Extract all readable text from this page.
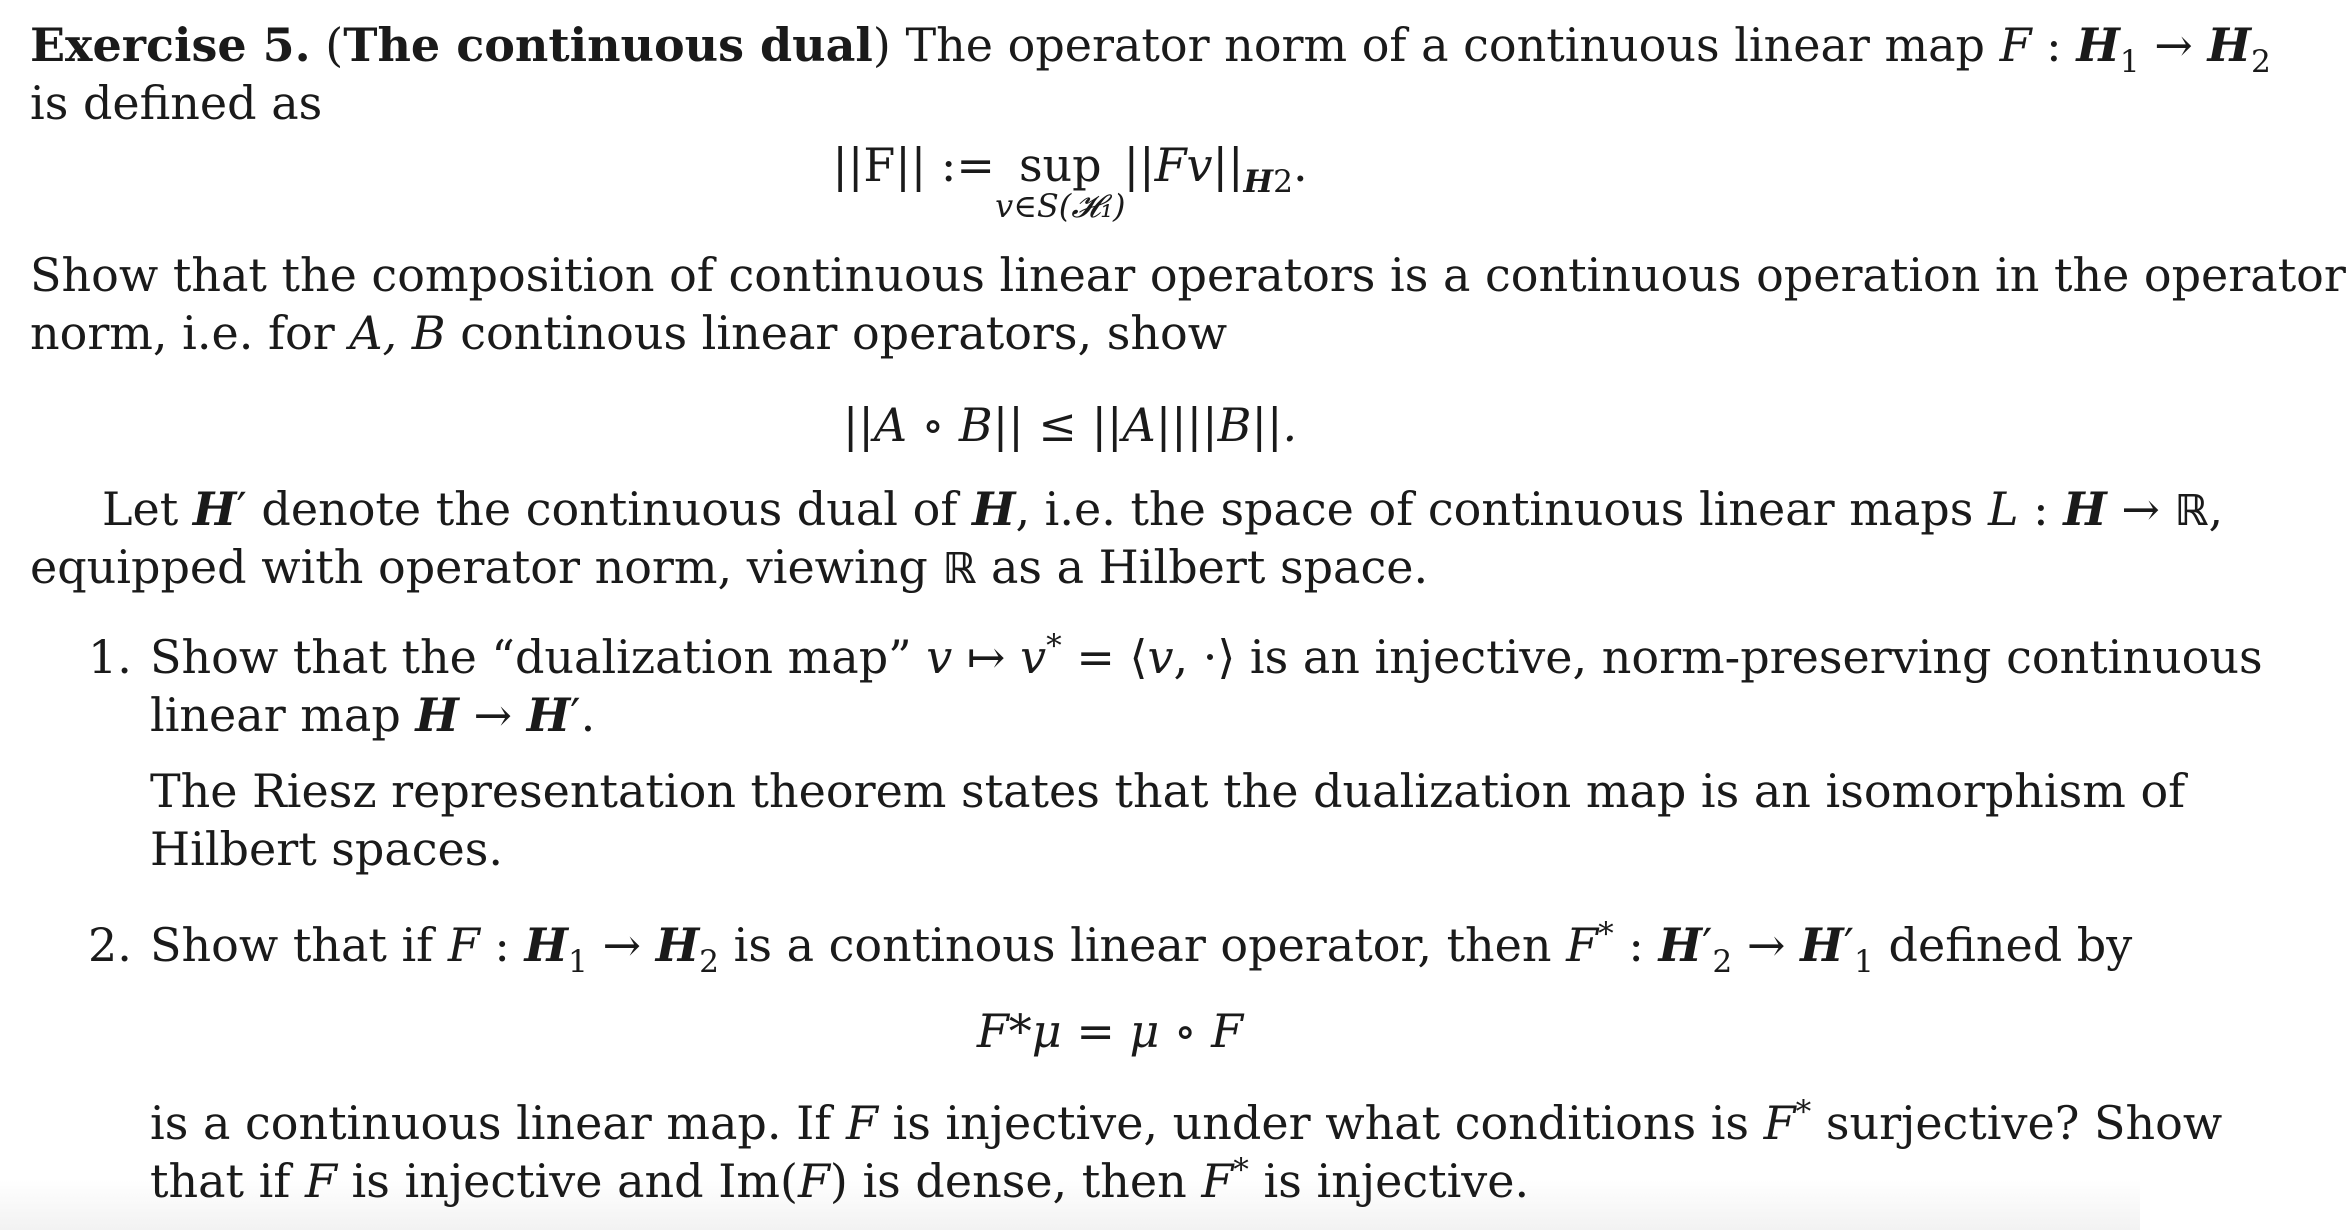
Exercise 5. (The continuous dual) The operator norm of a continuous linear map F : $H_1 \to H_2$
is defined as
||F|| := sup
v∈S(𝓗₁)
$||Fv||_{H2}$.
Show that the composition of continuous linear operators is a continuous operation in the operator
norm, i.e. for A, B continous linear operators, show
||A ∘ B|| ≤ ||A||||B||.
Let H′ denote the continuous dual of H, i.e. the space of continuous linear maps L : H → ℝ,
equipped with operator norm, viewing ℝ as a Hilbert space.
1. Show that the “dualization map” v ↦ v* = ⟨v, ·⟩ is an injective, norm-preserving continuous
linear map H → H′.
The Riesz representation theorem states that the dualization map is an isomorphism of
Hilbert spaces.
2. Show that if F : $H_1 \to H_2$ is a continous linear operator, then F* : $H'_2 \to H'_1$ defined by
F*μ = μ ∘ F
is a continuous linear map. If F is injective, under what conditions is F* surjective? Show
that if F is injective and Im(F) is dense, then F* is injective.
